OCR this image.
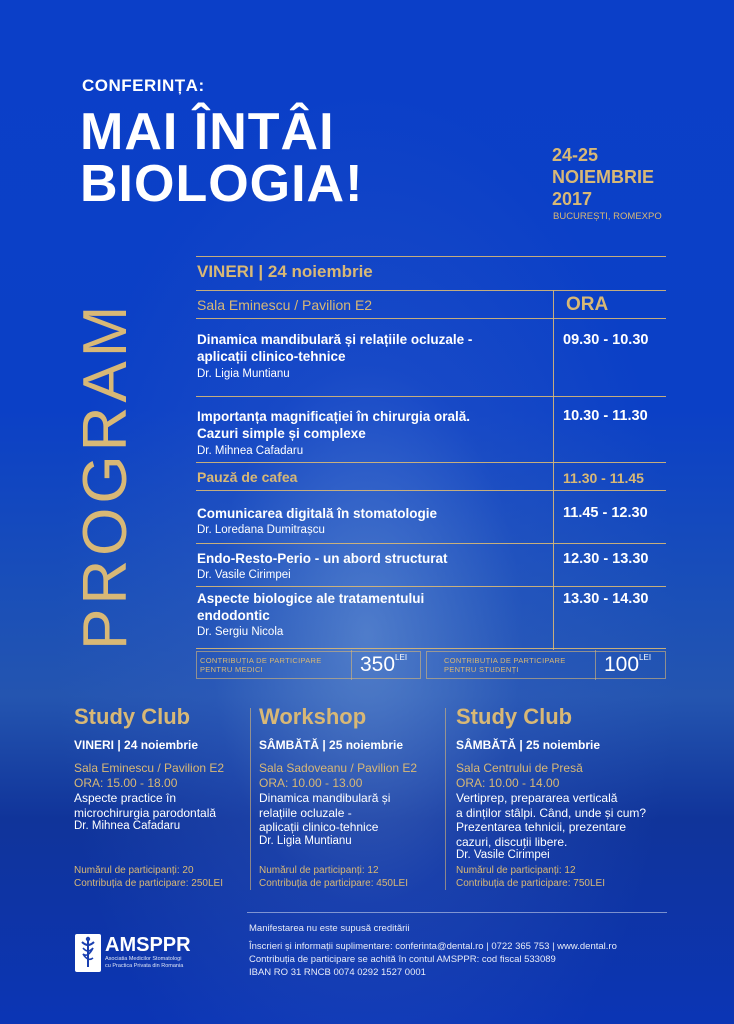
CONFERINȚA:
MAI ÎNTÂI
BIOLOGIA!	24-25
NOIEMBRIE
2017
BUCUREȘTI, ROMEXPO
PROGRAM
VINERI | 24 noiembrie
Sala Eminescu / Pavilion E2	ORA
Dinamica mandibulară și relațiile ocluzale -
aplicații clinico-tehnice
Dr. Ligia Muntianu
09.30 - 10.30
Importanța magnificației în chirurgia orală.
Cazuri simple și complexe
Dr. Mihnea Cafadaru
10.30 - 11.30
Pauză de cafea	11.30 - 11.45
Comunicarea digitală în stomatologie
Dr. Loredana Dumitrașcu
11.45 - 12.30
Endo-Resto-Perio - un abord structurat
Dr. Vasile Cirimpei
12.30 - 13.30
Aspecte biologice ale tratamentului
endodontic
Dr. Sergiu Nicola
13.30 - 14.30
CONTRIBUȚIA DE PARTICIPARE
PENTRU MEDICI	$350^{LEI}$	CONTRIBUȚIA DE PARTICIPARE
PENTRU STUDENȚI	$100^{LEI}$
Study Club
VINERI | 24 noiembrie
Sala Eminescu / Pavilion E2
ORA: 15.00 - 18.00
Aspecte practice în
microchirurgia parodontală
Dr. Mihnea Cafadaru
Numărul de participanți: 20
Contribuția de participare: 250LEI
Workshop
SÂMBĂTĂ | 25 noiembrie
Sala Sadoveanu / Pavilion E2
ORA: 10.00 - 13.00
Dinamica mandibulară și
relațiile ocluzale -
aplicații clinico-tehnice
Dr. Ligia Muntianu
Numărul de participanți: 12
Contribuția de participare: 450LEI
Study Club
SÂMBĂTĂ | 25 noiembrie
Sala Centrului de Presă
ORA: 10.00 - 14.00
Vertiprep, prepararea verticală
a dinților stâlpi. Când, unde și cum?
Prezentarea tehnicii, prezentare
cazuri, discuții libere.
Dr. Vasile Cirimpei
Numărul de participanți: 12
Contribuția de participare: 750LEI
Manifestarea nu este supusă creditării
Înscrieri și informații suplimentare: conferinta@dental.ro | 0722 365 753 | www.dental.ro
Contribuția de participare se achită în contul AMSPPR: cod fiscal 533089
IBAN RO 31 RNCB 0074 0292 1527 0001
AMSPPR
Asociatia Medicilor Stomatologi
cu Practica Privata din Romania
